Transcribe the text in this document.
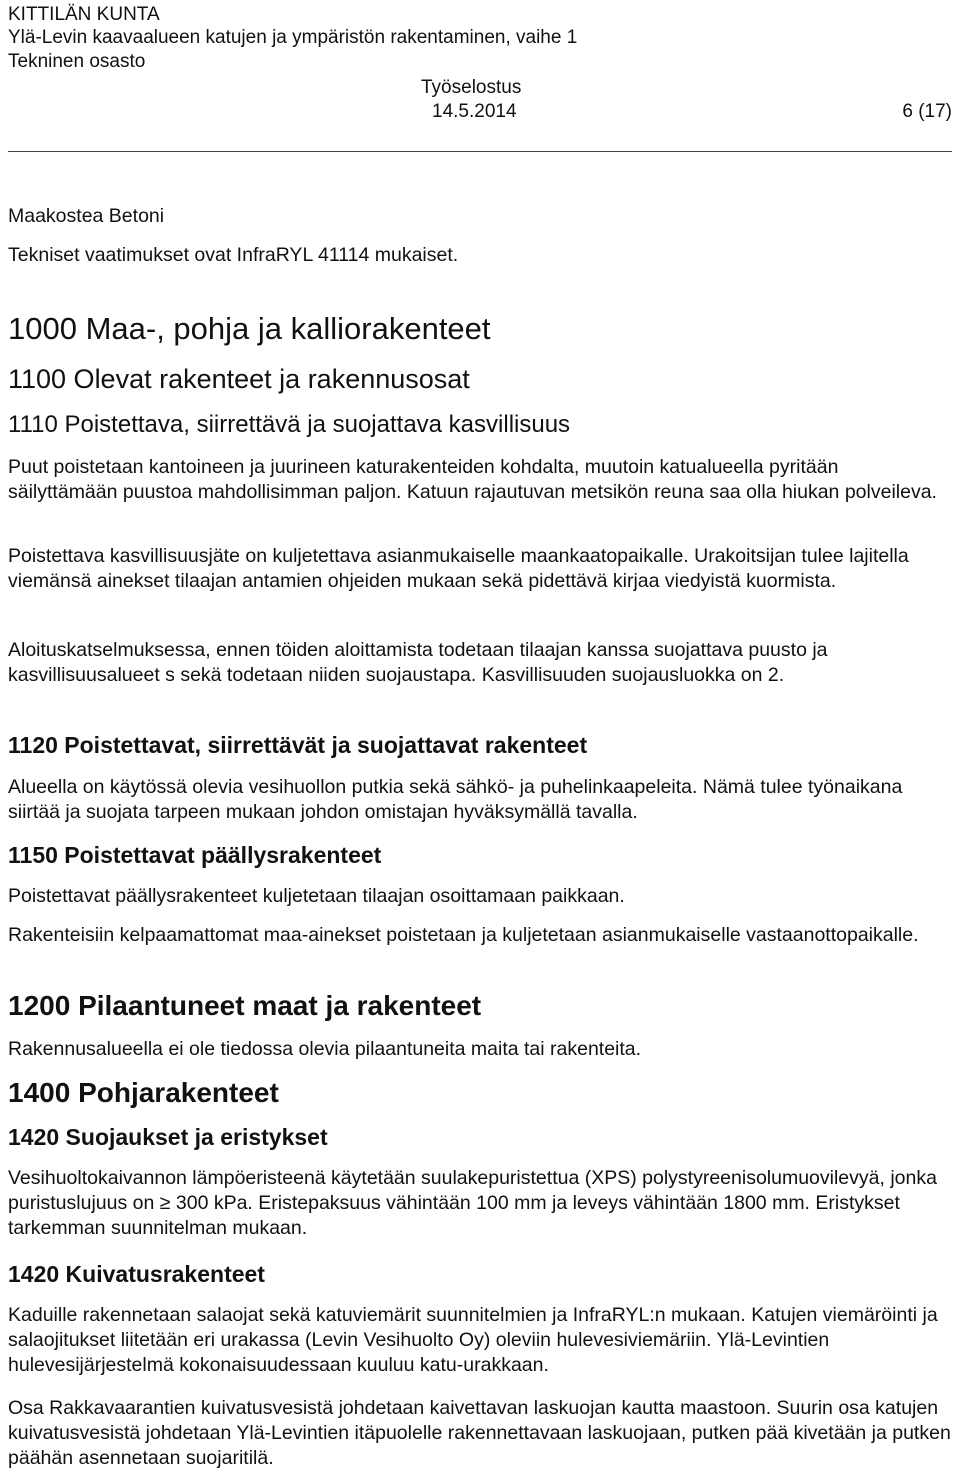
KITTILÄN KUNTA
Ylä-Levin kaavaalueen katujen ja ympäristön rakentaminen, vaihe 1
Tekninen osasto
Työselostus
14.5.2014	6 (17)

Maakostea Betoni

Tekniset vaatimukset ovat InfraRYL 41114 mukaiset.

1000 Maa-, pohja ja kalliorakenteet
1100 Olevat rakenteet ja rakennusosat
1110 Poistettava, siirrettävä ja suojattava kasvillisuus

Puut poistetaan kantoineen ja juurineen katurakenteiden kohdalta, muutoin katualueella pyritään säilyttämään puustoa mahdollisimman paljon. Katuun rajautuvan metsikön reuna saa olla hiukan polveileva.

Poistettava kasvillisuusjäte on kuljetettava asianmukaiselle maankaatopaikalle. Urakoitsijan tulee lajitella viemänsä ainekset tilaajan antamien ohjeiden mukaan sekä pidettävä kirjaa viedyistä kuormista.

Aloituskatselmuksessa, ennen töiden aloittamista todetaan tilaajan kanssa suojattava puusto ja kasvillisuusalueet s sekä todetaan niiden suojaustapa. Kasvillisuuden suojausluokka on 2.

1120 Poistettavat, siirrettävät ja suojattavat rakenteet

Alueella on käytössä olevia vesihuollon putkia sekä sähkö- ja puhelinkaapeleita. Nämä tulee työnaikana siirtää ja suojata tarpeen mukaan johdon omistajan hyväksymällä tavalla.

1150 Poistettavat päällysrakenteet

Poistettavat päällysrakenteet kuljetetaan tilaajan osoittamaan paikkaan.

Rakenteisiin kelpaamattomat maa-ainekset poistetaan ja kuljetetaan asianmukaiselle vastaanottopaikalle.

1200 Pilaantuneet maat ja rakenteet

Rakennusalueella ei ole tiedossa olevia pilaantuneita maita tai rakenteita.

1400 Pohjarakenteet
1420 Suojaukset ja eristykset

Vesihuoltokaivannon lämpöeristeenä käytetään suulakepuristettua (XPS) polystyreenisolumuovilevyä, jonka puristuslujuus on ≥ 300 kPa. Eristepaksuus vähintään 100 mm ja leveys vähintään 1800 mm. Eristykset tarkemman suunnitelman mukaan.

1420 Kuivatusrakenteet

Kaduille rakennetaan salaojat sekä katuviemärit suunnitelmien ja InfraRYL:n mukaan. Katujen viemäröinti ja salaojitukset liitetään eri urakassa (Levin Vesihuolto Oy) oleviin hulevesiviemäriin. Ylä-Levintien hulevesijärjestelmä kokonaisuudessaan kuuluu katu-urakkaan.

Osa Rakkavaarantien kuivatusvesistä johdetaan kaivettavan laskuojan kautta maastoon. Suurin osa katujen kuivatusvesistä johdetaan Ylä-Levintien itäpuolelle rakennettavaan laskuojaan, putken pää kivetään ja putken päähän asennetaan suojaritilä.
